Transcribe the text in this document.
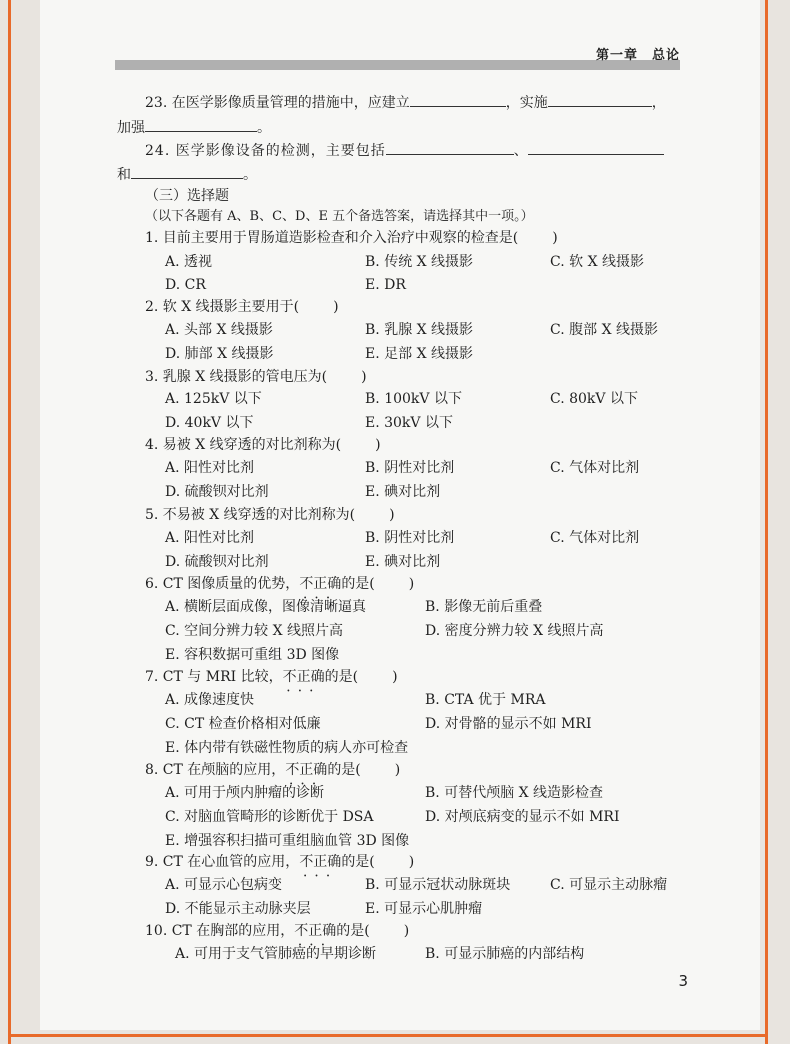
第一章 总论
23. 在医学影像质量管理的措施中，应建立	，实施	，
加强	。
24. 医学影像设备的检测，主要包括	、
和	。
（三）选择题
（以下各题有 A、B、C、D、E 五个备选答案，请选择其中一项。）
1. 目前主要用于胃肠道造影检查和介入治疗中观察的检查是( )
A. 透视	B. 传统 X 线摄影	C. 软 X 线摄影
D. CR	E. DR
2. 软 X 线摄影主要用于( )
A. 头部 X 线摄影	B. 乳腺 X 线摄影	C. 腹部 X 线摄影
D. 肺部 X 线摄影	E. 足部 X 线摄影
3. 乳腺 X 线摄影的管电压为( )
A. 125kV 以下	B. 100kV 以下	C. 80kV 以下
D. 40kV 以下	E. 30kV 以下
4. 易被 X 线穿透的对比剂称为( )
A. 阳性对比剂	B. 阴性对比剂	C. 气体对比剂
D. 硫酸钡对比剂	E. 碘对比剂
5. 不易被 X 线穿透的对比剂称为( )
A. 阳性对比剂	B. 阴性对比剂	C. 气体对比剂
D. 硫酸钡对比剂	E. 碘对比剂
6. CT 图像质量的优势，不正确 • • •的是( )
A. 横断层面成像，图像清晰逼真	B. 影像无前后重叠
C. 空间分辨力较 X 线照片高	D. 密度分辨力较 X 线照片高
E. 容积数据可重组 3D 图像
7. CT 与 MRI 比较，不正确 • • •的是( )
A. 成像速度快	B. CTA 优于 MRA
C. CT 检查价格相对低廉	D. 对骨骼的显示不如 MRI
E. 体内带有铁磁性物质的病人亦可检查
8. CT 在颅脑的应用，不正确 • • •的是( )
A. 可用于颅内肿瘤的诊断	B. 可替代颅脑 X 线造影检查
C. 对脑血管畸形的诊断优于 DSA	D. 对颅底病变的显示不如 MRI
E. 增强容积扫描可重组脑血管 3D 图像
9. CT 在心血管的应用，不正确 • • •的是( )
A. 可显示心包病变	B. 可显示冠状动脉斑块	C. 可显示主动脉瘤
D. 不能显示主动脉夹层	E. 可显示心肌肿瘤
10. CT 在胸部的应用，不正确 • • •的是( )
A. 可用于支气管肺癌的早期诊断	B. 可显示肺癌的内部结构
3
